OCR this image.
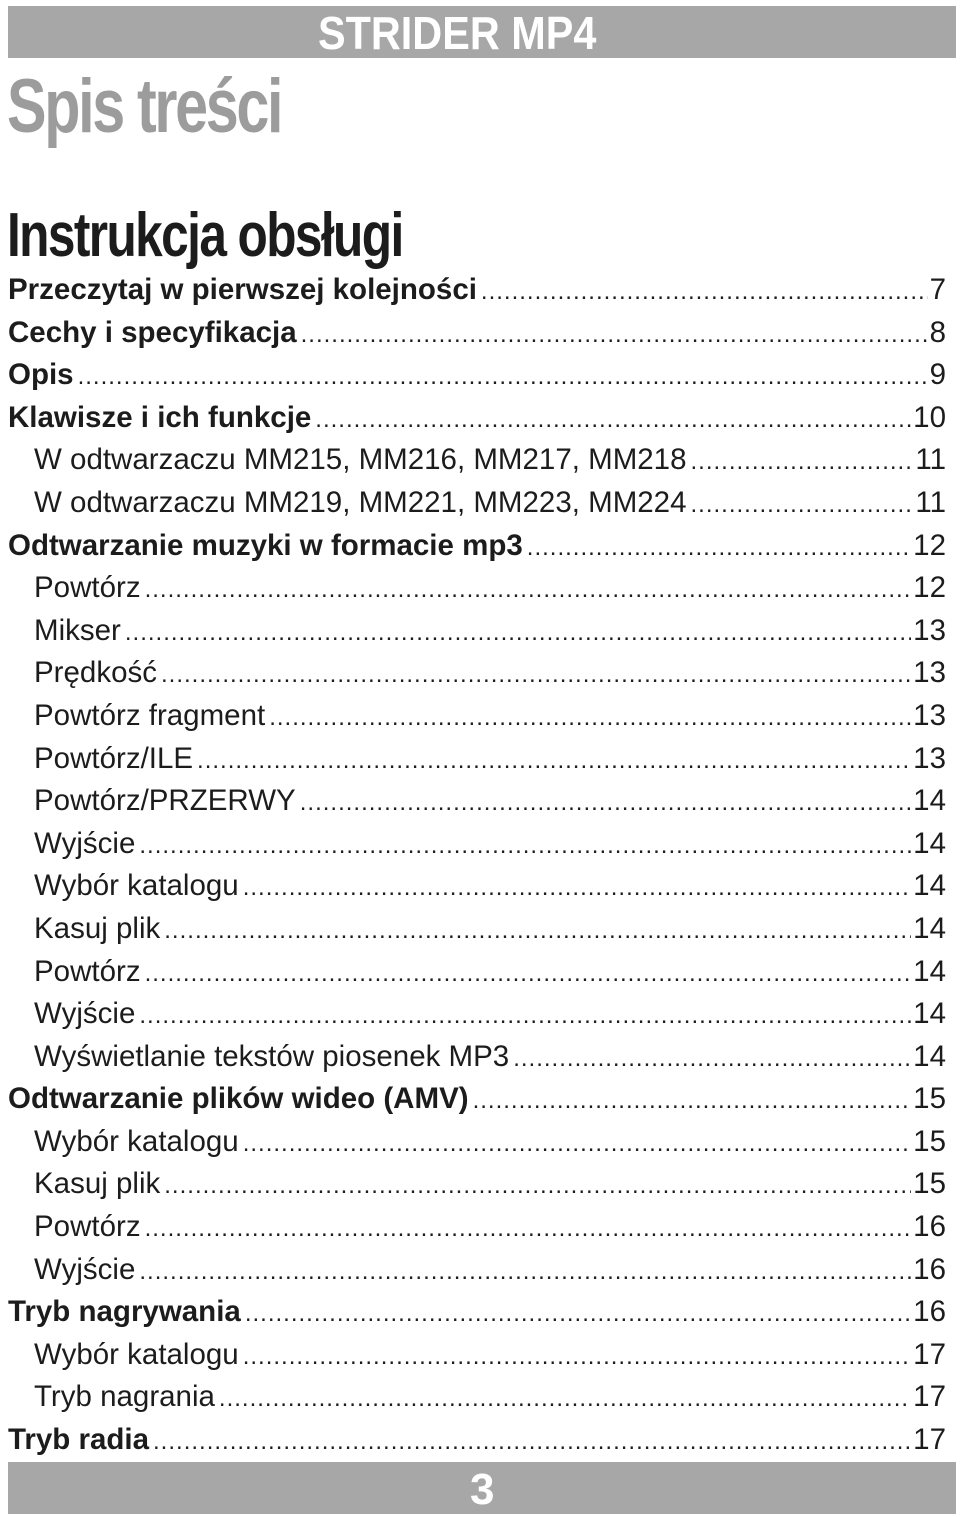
STRIDER MP4
Spis treści
Instrukcja obsługi
Przeczytaj w pierwszej kolejności .....	7
Cechy i specyfikacja .....	8
Opis .....	9
Klawisze i ich funkcje .....	10
W odtwarzaczu MM215, MM216, MM217, MM218 .....	11
W odtwarzaczu MM219, MM221, MM223, MM224 .....	11
Odtwarzanie muzyki w formacie mp3 .....	12
Powtórz .....	12
Mikser .....	13
Prędkość .....	13
Powtórz fragment .....	13
Powtórz/ILE .....	13
Powtórz/PRZERWY .....	14
Wyjście .....	14
Wybór katalogu .....	14
Kasuj plik .....	14
Powtórz .....	14
Wyjście .....	14
Wyświetlanie tekstów piosenek MP3 .....	14
Odtwarzanie plików wideo (AMV) .....	15
Wybór katalogu .....	15
Kasuj plik .....	15
Powtórz .....	16
Wyjście .....	16
Tryb nagrywania .....	16
Wybór katalogu .....	17
Tryb nagrania .....	17
Tryb radia .....	17
3
